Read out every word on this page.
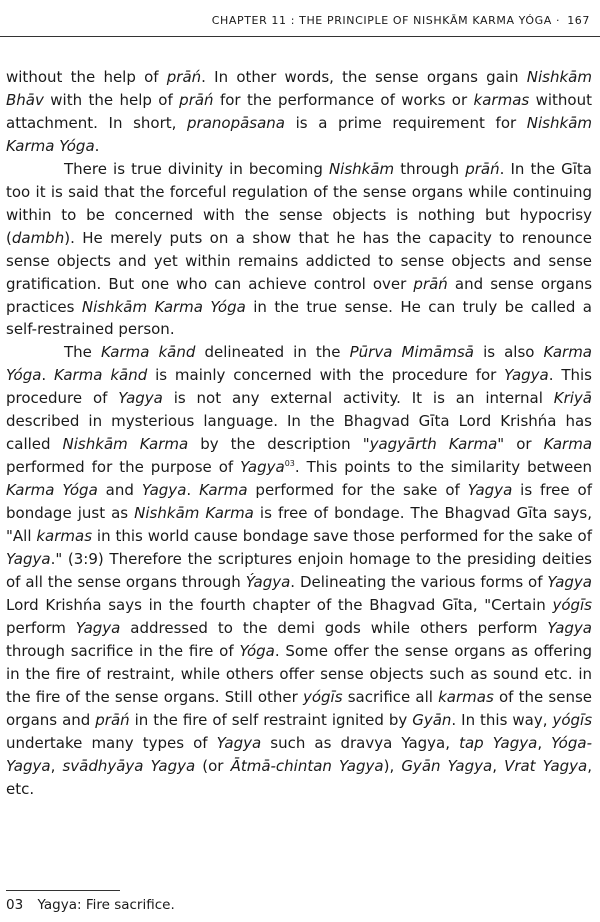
CHAPTER 11 : THE PRINCIPLE OF NISHKĀM KARMA YÓGA · 167

without the help of prāń. In other words, the sense organs gain Nishkām Bhāv with the help of prāń for the performance of works or karmas without attachment. In short, pranopāsana is a prime requirement for Nishkām Karma Yóga.

There is true divinity in becoming Nishkām through prāń. In the Gīta too it is said that the forceful regulation of the sense organs while continuing within to be concerned with the sense objects is nothing but hypocrisy (dambh). He merely puts on a show that he has the capacity to renounce sense objects and yet within remains addicted to sense objects and sense gratification. But one who can achieve control over prāń and sense organs practices Nishkām Karma Yóga in the true sense. He can truly be called a self-restrained person.

The Karma kānd delineated in the Pūrva Mimāmsā is also Karma Yóga. Karma kānd is mainly concerned with the procedure for Yagya. This procedure of Yagya is not any external activity. It is an internal Kriyā described in mysterious language. In the Bhagvad Gīta Lord Krishńa has called Nishkām Karma by the description "yagyārth Karma" or Karma performed for the purpose of Yagya$^{03}$. This points to the similarity between Karma Yóga and Yagya. Karma performed for the sake of Yagya is free of bondage just as Nishkām Karma is free of bondage. The Bhagvad Gīta says, "All karmas in this world cause bondage save those performed for the sake of Yagya." (3:9) Therefore the scriptures enjoin homage to the presiding deities of all the sense organs through Ýagya. Delineating the various forms of Yagya Lord Krishńa says in the fourth chapter of the Bhagvad Gīta, "Certain yógīs perform Yagya addressed to the demi gods while others perform Yagya through sacrifice in the fire of Yóga. Some offer the sense organs as offering in the fire of restraint, while others offer sense objects such as sound etc. in the fire of the sense organs. Still other yógīs sacrifice all karmas of the sense organs and prāń in the fire of self restraint ignited by Gyān. In this way, yógīs undertake many types of Yagya such as dravya Yagya, tap Yagya, Yóga-Yagya, svādhyāya Yagya (or Ātmā-chintan Yagya), Gyān Yagya, Vrat Yagya, etc.

03 Yagya: Fire sacrifice.
